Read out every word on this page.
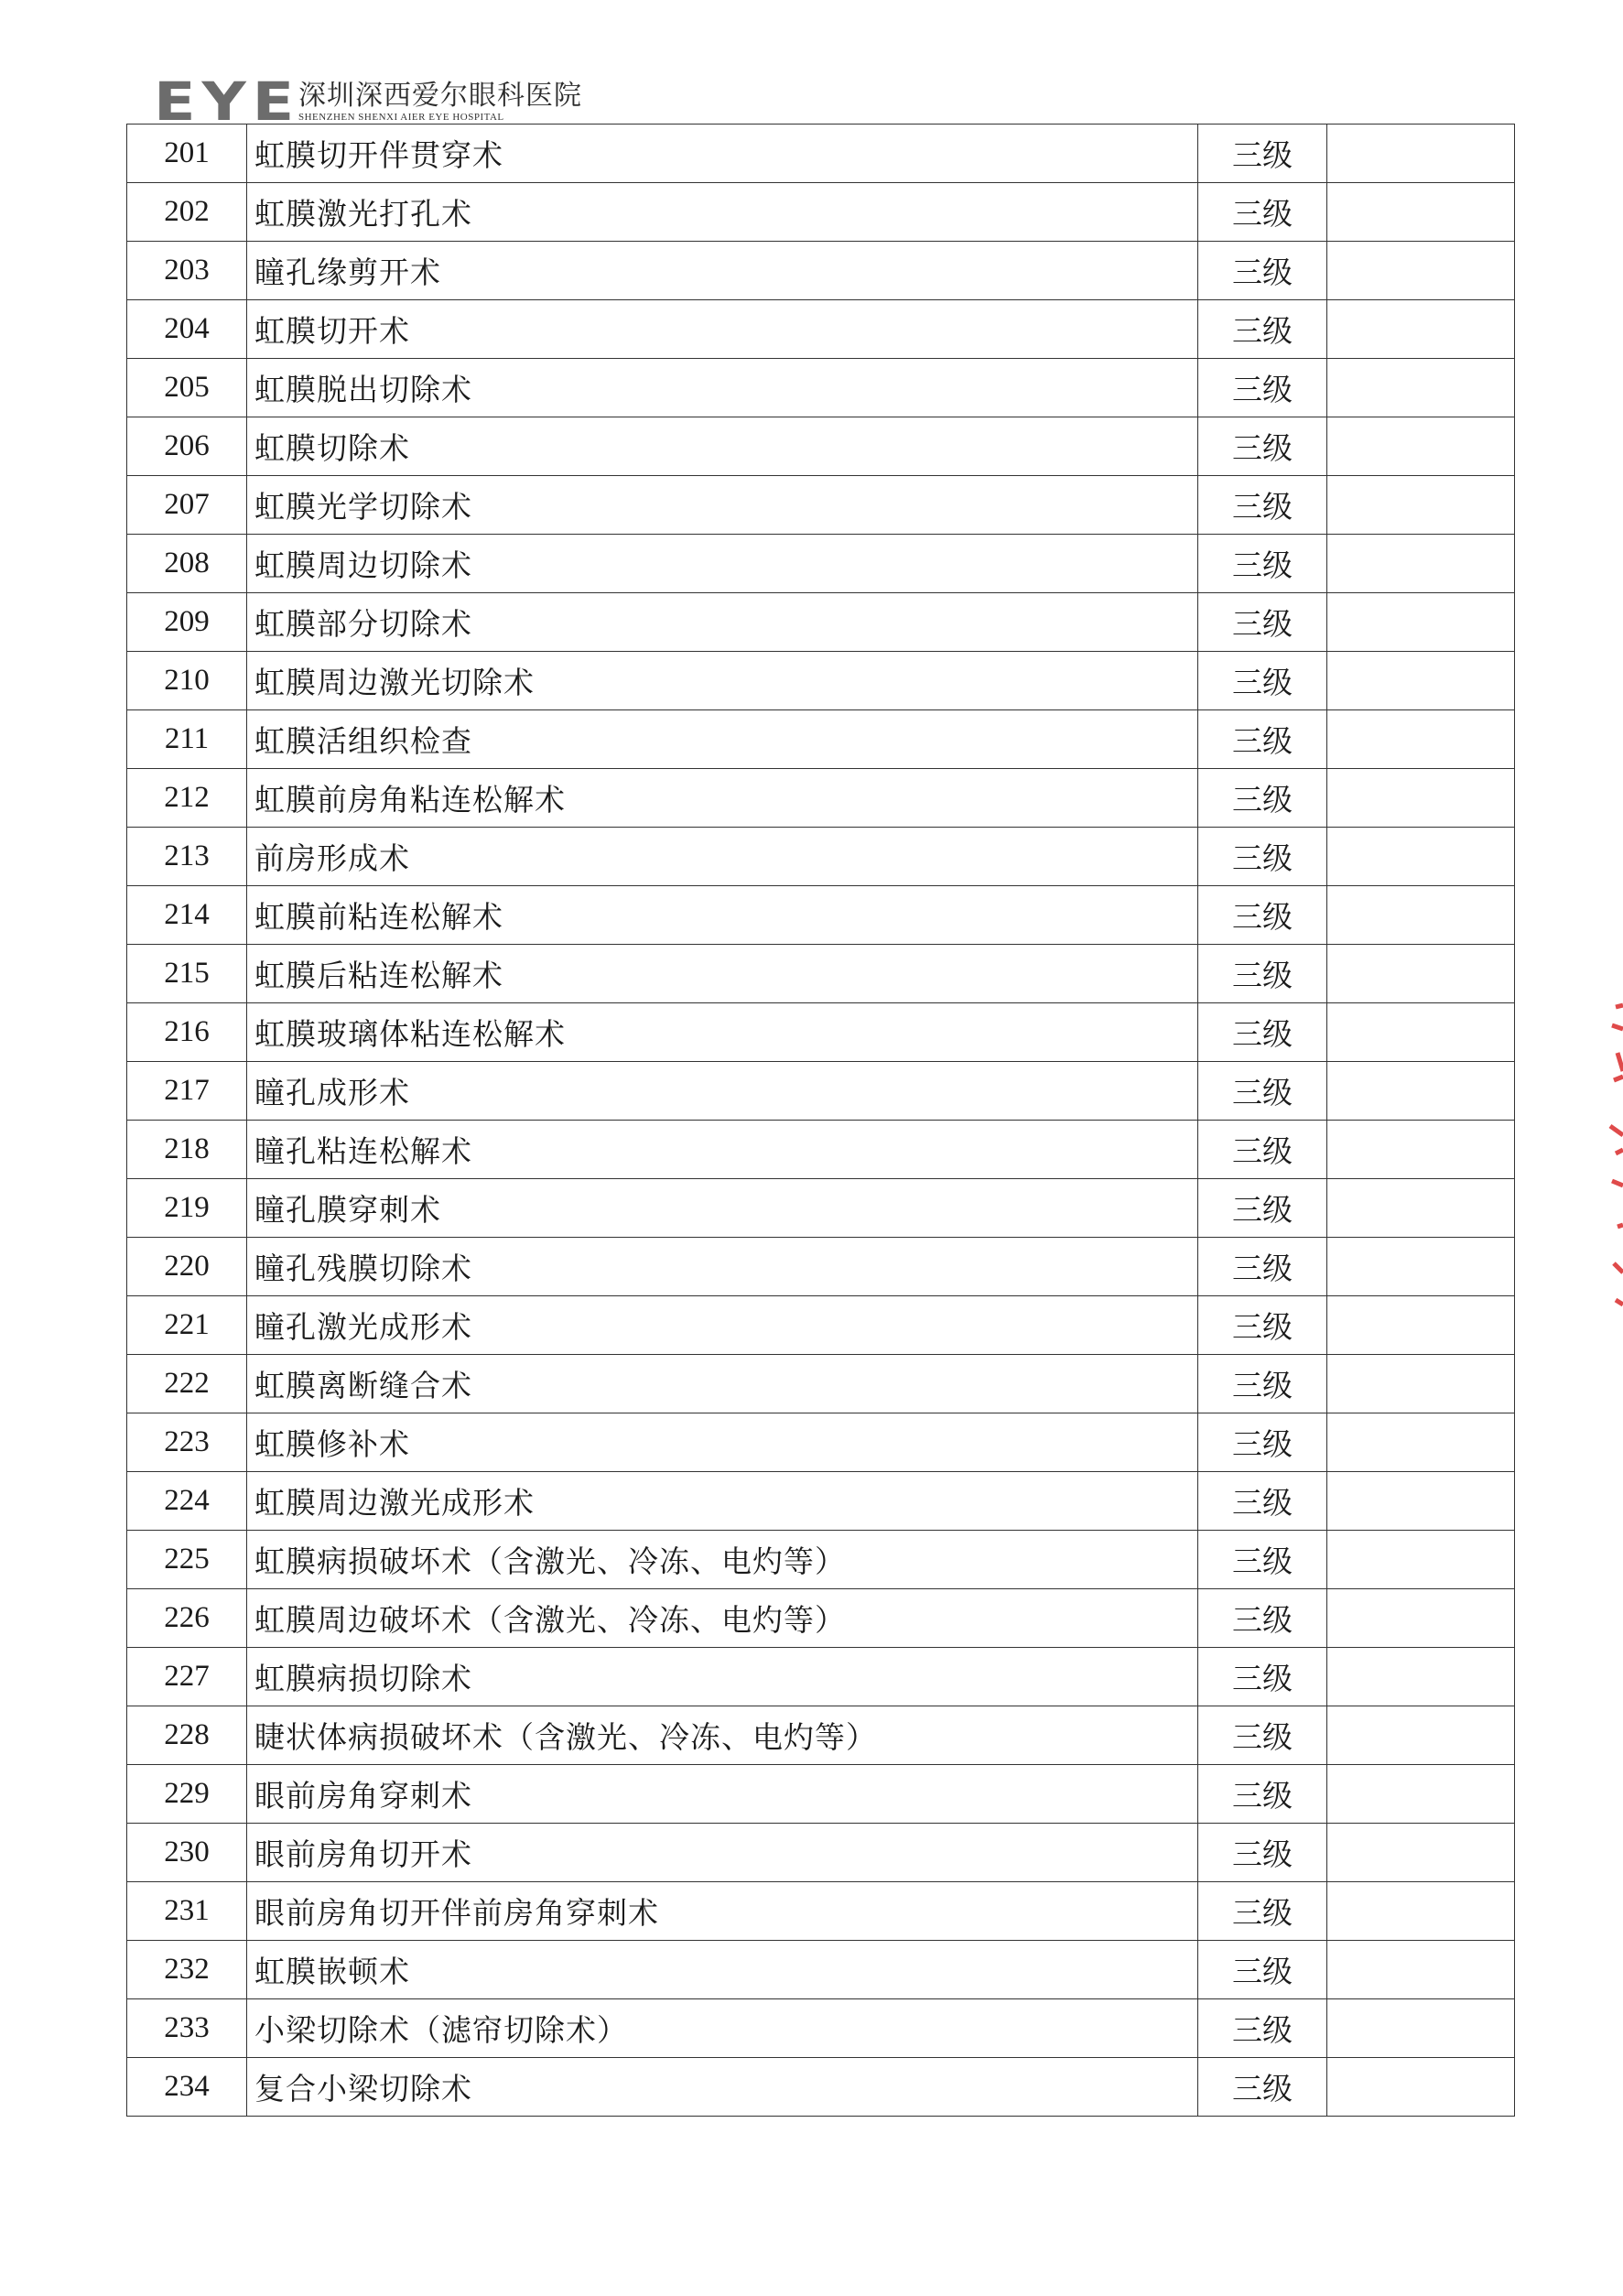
EYE
深圳深西爱尔眼科医院
SHENZHEN SHENXI AIER EYE HOSPITAL
201	虹膜切开伴贯穿术	三级	
202	虹膜激光打孔术	三级	
203	瞳孔缘剪开术	三级	
204	虹膜切开术	三级	
205	虹膜脱出切除术	三级	
206	虹膜切除术	三级	
207	虹膜光学切除术	三级	
208	虹膜周边切除术	三级	
209	虹膜部分切除术	三级	
210	虹膜周边激光切除术	三级	
211	虹膜活组织检查	三级	
212	虹膜前房角粘连松解术	三级	
213	前房形成术	三级	
214	虹膜前粘连松解术	三级	
215	虹膜后粘连松解术	三级	
216	虹膜玻璃体粘连松解术	三级	
217	瞳孔成形术	三级	
218	瞳孔粘连松解术	三级	
219	瞳孔膜穿刺术	三级	
220	瞳孔残膜切除术	三级	
221	瞳孔激光成形术	三级	
222	虹膜离断缝合术	三级	
223	虹膜修补术	三级	
224	虹膜周边激光成形术	三级	
225	虹膜病损破坏术（含激光、冷冻、电灼等）	三级	
226	虹膜周边破坏术（含激光、冷冻、电灼等）	三级	
227	虹膜病损切除术	三级	
228	睫状体病损破坏术（含激光、冷冻、电灼等）	三级	
229	眼前房角穿刺术	三级	
230	眼前房角切开术	三级	
231	眼前房角切开伴前房角穿刺术	三级	
232	虹膜嵌顿术	三级	
233	小梁切除术（滤帘切除术）	三级	
234	复合小梁切除术	三级	
